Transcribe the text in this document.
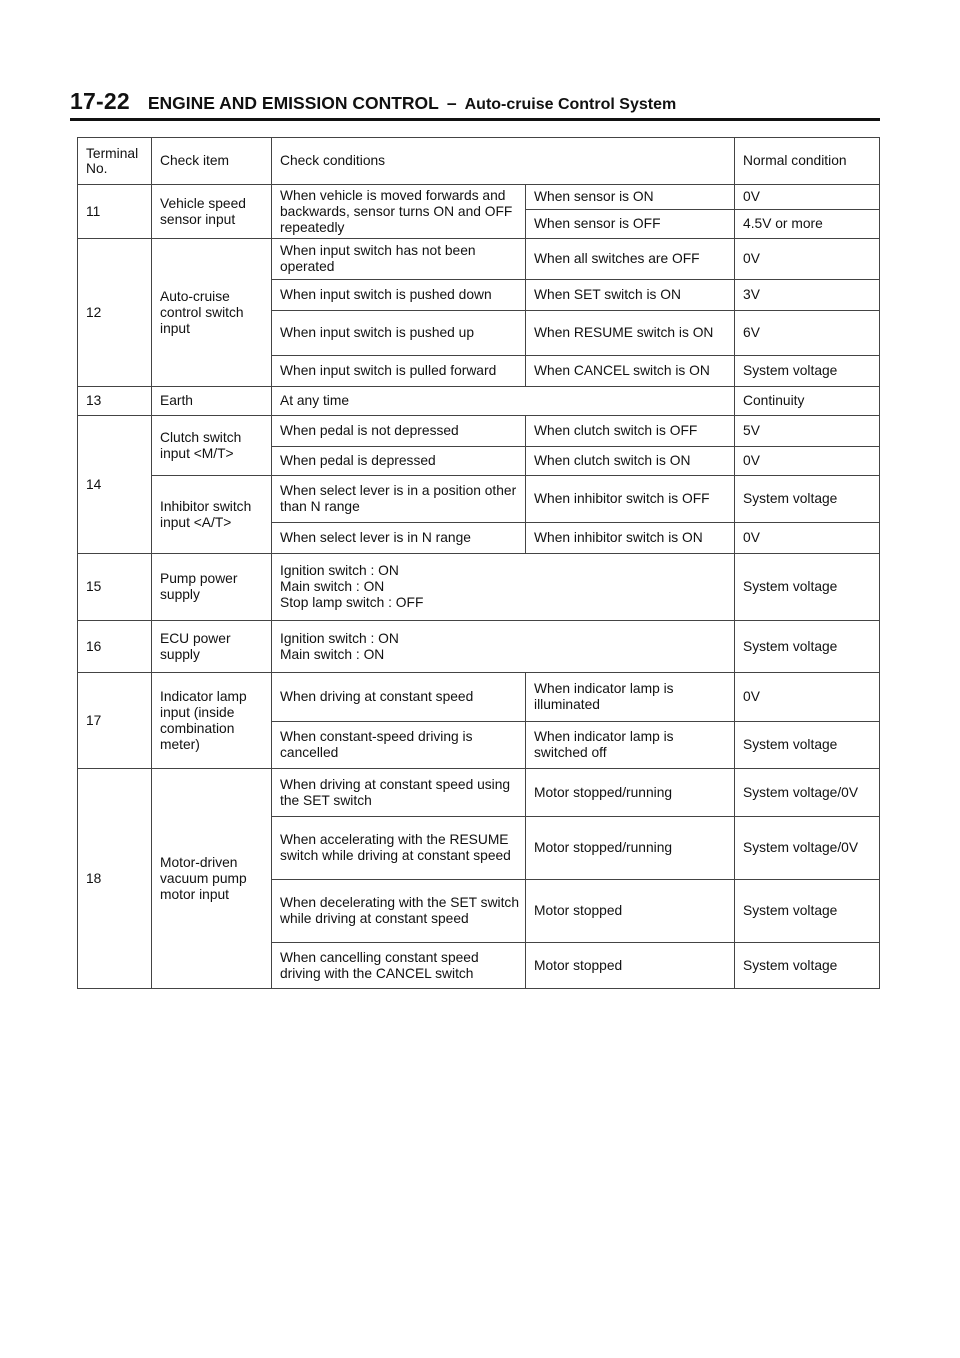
17-22 ENGINE AND EMISSION CONTROL – Auto-cruise Control System
Terminal No.	Check item	Check conditions		Normal condition
11	Vehicle speed sensor input	When vehicle is moved forwards and backwards, sensor turns ON and OFF repeatedly	When sensor is ON	0V
			When sensor is OFF	4.5V or more
12	Auto-cruise control switch input	When input switch has not been operated	When all switches are OFF	0V
		When input switch is pushed down	When SET switch is ON	3V
		When input switch is pushed up	When RESUME switch is ON	6V
		When input switch is pulled forward	When CANCEL switch is ON	System voltage
13	Earth	At any time		Continuity
14	Clutch switch input <M/T>	When pedal is not depressed	When clutch switch is OFF	5V
		When pedal is depressed	When clutch switch is ON	0V
	Inhibitor switch input <A/T>	When select lever is in a position other than N range	When inhibitor switch is OFF	System voltage
		When select lever is in N range	When inhibitor switch is ON	0V
15	Pump power supply	Ignition switch : ON
Main switch : ON
Stop lamp switch : OFF		System voltage
16	ECU power supply	Ignition switch : ON
Main switch : ON		System voltage
17	Indicator lamp input (inside combination meter)	When driving at constant speed	When indicator lamp is illuminated	0V
		When constant-speed driving is cancelled	When indicator lamp is switched off	System voltage
18	Motor-driven vacuum pump motor input	When driving at constant speed using the SET switch	Motor stopped/running	System voltage/0V
		When accelerating with the RESUME switch while driving at constant speed	Motor stopped/running	System voltage/0V
		When decelerating with the SET switch while driving at constant speed	Motor stopped	System voltage
		When cancelling constant speed driving with the CANCEL switch	Motor stopped	System voltage
